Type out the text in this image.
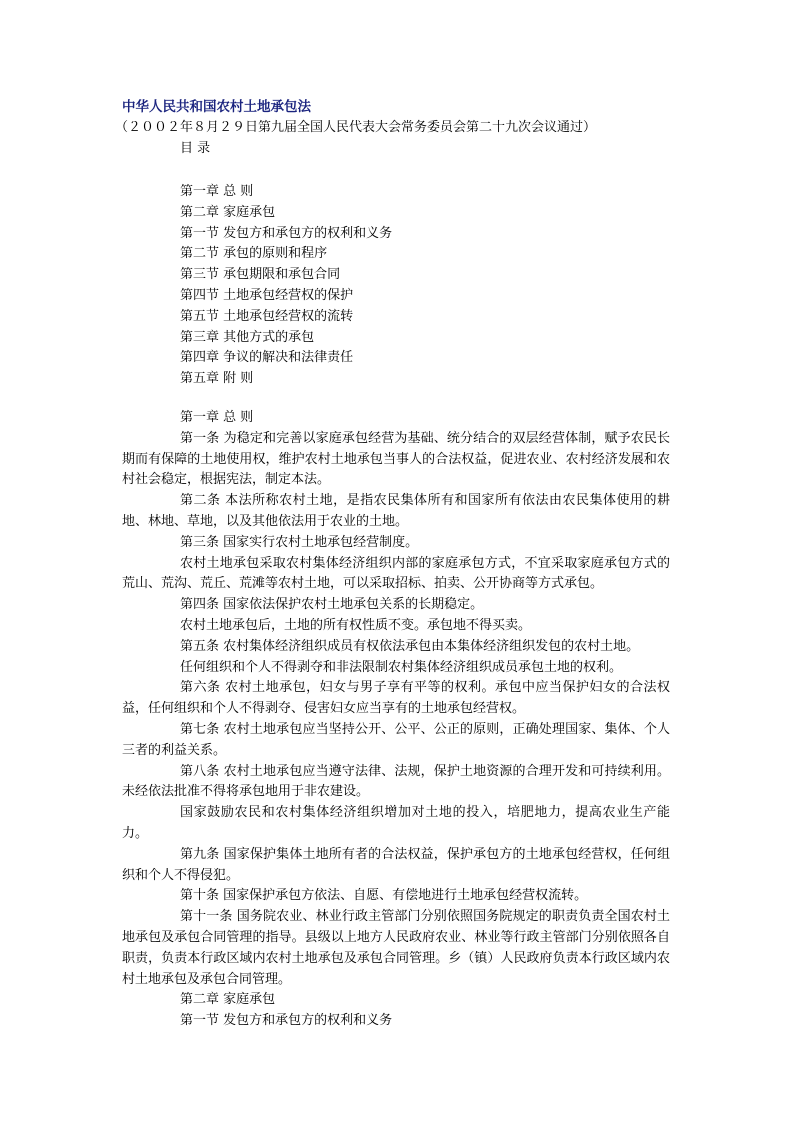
中华人民共和国农村土地承包法
（２００２年８月２９日第九届全国人民代表大会常务委员会第二十九次会议通过）
目 录
第一章 总 则
第二章 家庭承包
第一节 发包方和承包方的权利和义务
第二节 承包的原则和程序
第三节 承包期限和承包合同
第四节 土地承包经营权的保护
第五节 土地承包经营权的流转
第三章 其他方式的承包
第四章 争议的解决和法律责任
第五章 附 则

第一章 总 则

第一条 为稳定和完善以家庭承包经营为基础、统分结合的双层经营体制，赋予农民长期而有保障的土地使用权，维护农村土地承包当事人的合法权益，促进农业、农村经济发展和农村社会稳定，根据宪法，制定本法。

第二条 本法所称农村土地，是指农民集体所有和国家所有依法由农民集体使用的耕地、林地、草地，以及其他依法用于农业的土地。

第三条 国家实行农村土地承包经营制度。

农村土地承包采取农村集体经济组织内部的家庭承包方式，不宜采取家庭承包方式的荒山、荒沟、荒丘、荒滩等农村土地，可以采取招标、拍卖、公开协商等方式承包。

第四条 国家依法保护农村土地承包关系的长期稳定。

农村土地承包后，土地的所有权性质不变。承包地不得买卖。

第五条 农村集体经济组织成员有权依法承包由本集体经济组织发包的农村土地。

任何组织和个人不得剥夺和非法限制农村集体经济组织成员承包土地的权利。

第六条 农村土地承包，妇女与男子享有平等的权利。承包中应当保护妇女的合法权益，任何组织和个人不得剥夺、侵害妇女应当享有的土地承包经营权。

第七条 农村土地承包应当坚持公开、公平、公正的原则，正确处理国家、集体、个人三者的利益关系。

第八条 农村土地承包应当遵守法律、法规，保护土地资源的合理开发和可持续利用。未经依法批准不得将承包地用于非农建设。

国家鼓励农民和农村集体经济组织增加对土地的投入，培肥地力，提高农业生产能力。

第九条 国家保护集体土地所有者的合法权益，保护承包方的土地承包经营权，任何组织和个人不得侵犯。

第十条 国家保护承包方依法、自愿、有偿地进行土地承包经营权流转。

第十一条 国务院农业、林业行政主管部门分别依照国务院规定的职责负责全国农村土地承包及承包合同管理的指导。县级以上地方人民政府农业、林业等行政主管部门分别依照各自职责，负责本行政区域内农村土地承包及承包合同管理。乡（镇）人民政府负责本行政区域内农村土地承包及承包合同管理。

第二章 家庭承包

第一节 发包方和承包方的权利和义务
